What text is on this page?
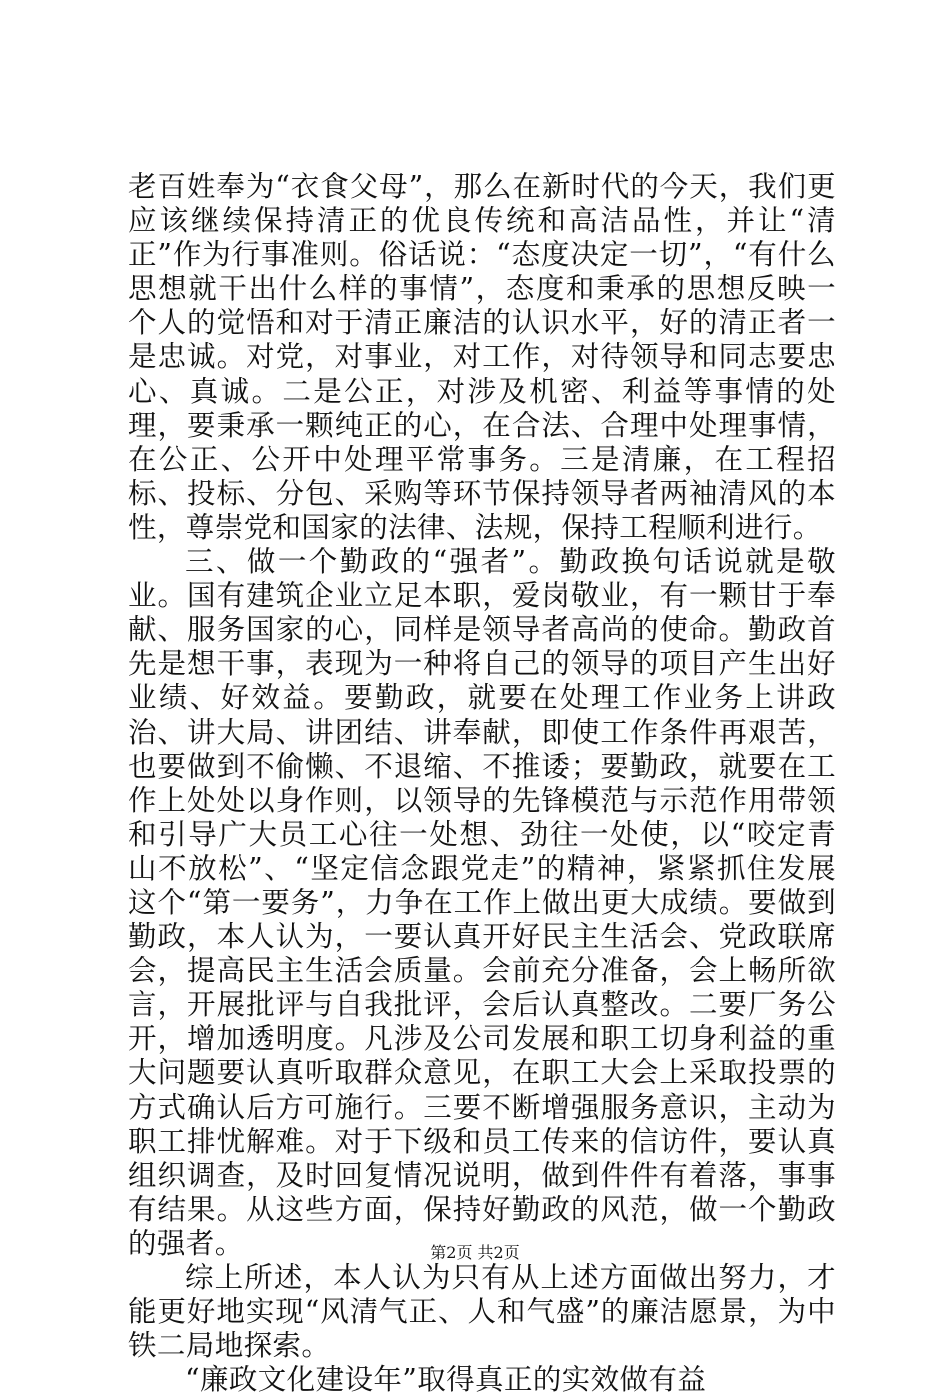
老百姓奉为“衣食父母”，那么在新时代的今天，我们更应该继续保持清正的优良传统和高洁品性，并让“清正”作为行事准则。俗话说：“态度决定一切”，“有什么思想就干出什么样的事情”，态度和秉承的思想反映一个人的觉悟和对于清正廉洁的认识水平，好的清正者一是忠诚。对党，对事业，对工作，对待领导和同志要忠心、真诚。二是公正，对涉及机密、利益等事情的处理，要秉承一颗纯正的心，在合法、合理中处理事情，在公正、公开中处理平常事务。三是清廉，在工程招标、投标、分包、采购等环节保持领导者两袖清风的本性，尊崇党和国家的法律、法规，保持工程顺利进行。

三、做一个勤政的“强者”。勤政换句话说就是敬业。国有建筑企业立足本职，爱岗敬业，有一颗甘于奉献、服务国家的心，同样是领导者高尚的使命。勤政首先是想干事，表现为一种将自己的领导的项目产生出好业绩、好效益。要勤政，就要在处理工作业务上讲政治、讲大局、讲团结、讲奉献，即使工作条件再艰苦，也要做到不偷懒、不退缩、不推诿；要勤政，就要在工作上处处以身作则，以领导的先锋模范与示范作用带领和引导广大员工心往一处想、劲往一处使，以“咬定青山不放松”、“坚定信念跟党走”的精神，紧紧抓住发展这个“第一要务”，力争在工作上做出更大成绩。要做到勤政，本人认为，一要认真开好民主生活会、党政联席会，提高民主生活会质量。会前充分准备，会上畅所欲言，开展批评与自我批评，会后认真整改。二要厂务公开，增加透明度。凡涉及公司发展和职工切身利益的重大问题要认真听取群众意见，在职工大会上采取投票的方式确认后方可施行。三要不断增强服务意识，主动为职工排忧解难。对于下级和员工传来的信访件，要认真组织调查，及时回复情况说明，做到件件有着落，事事有结果。从这些方面，保持好勤政的风范，做一个勤政的强者。

综上所述，本人认为只有从上述方面做出努力，才能更好地实现“风清气正、人和气盛”的廉洁愿景，为中铁二局地探索。

“廉政文化建设年”取得真正的实效做有益

第2页 共2页
